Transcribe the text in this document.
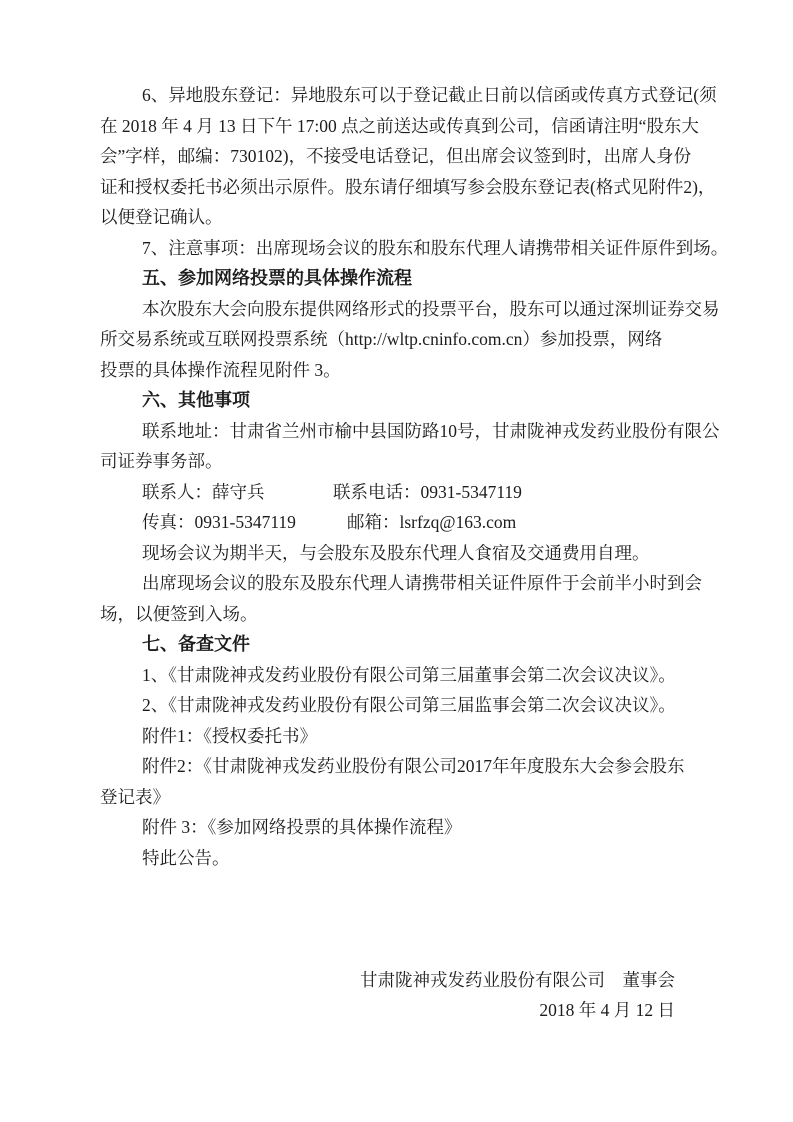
6、异地股东登记：异地股东可以于登记截止日前以信函或传真方式登记(须
在 2018 年 4 月 13 日下午 17:00 点之前送达或传真到公司，信函请注明“股东大
会”字样，邮编：730102)，不接受电话登记，但出席会议签到时，出席人身份
证和授权委托书必须出示原件。股东请仔细填写参会股东登记表(格式见附件2)，
以便登记确认。
7、注意事项：出席现场会议的股东和股东代理人请携带相关证件原件到场。
五、参加网络投票的具体操作流程
本次股东大会向股东提供网络形式的投票平台，股东可以通过深圳证券交易
所交易系统或互联网投票系统（http://wltp.cninfo.com.cn）参加投票，网络
投票的具体操作流程见附件 3。
六、其他事项
联系地址：甘肃省兰州市榆中县国防路10号，甘肃陇神戎发药业股份有限公
司证券事务部。
联系人：薛守兵	联系电话：0931-5347119
传真：0931-5347119	邮箱：lsrfzq@163.com
现场会议为期半天，与会股东及股东代理人食宿及交通费用自理。
出席现场会议的股东及股东代理人请携带相关证件原件于会前半小时到会
场，以便签到入场。
七、备查文件
1、《甘肃陇神戎发药业股份有限公司第三届董事会第二次会议决议》。
2、《甘肃陇神戎发药业股份有限公司第三届监事会第二次会议决议》。
附件1：《授权委托书》
附件2：《甘肃陇神戎发药业股份有限公司2017年年度股东大会参会股东
登记表》
附件 3：《参加网络投票的具体操作流程》
特此公告。
甘肃陇神戎发药业股份有限公司　董事会
2018 年 4 月 12 日
